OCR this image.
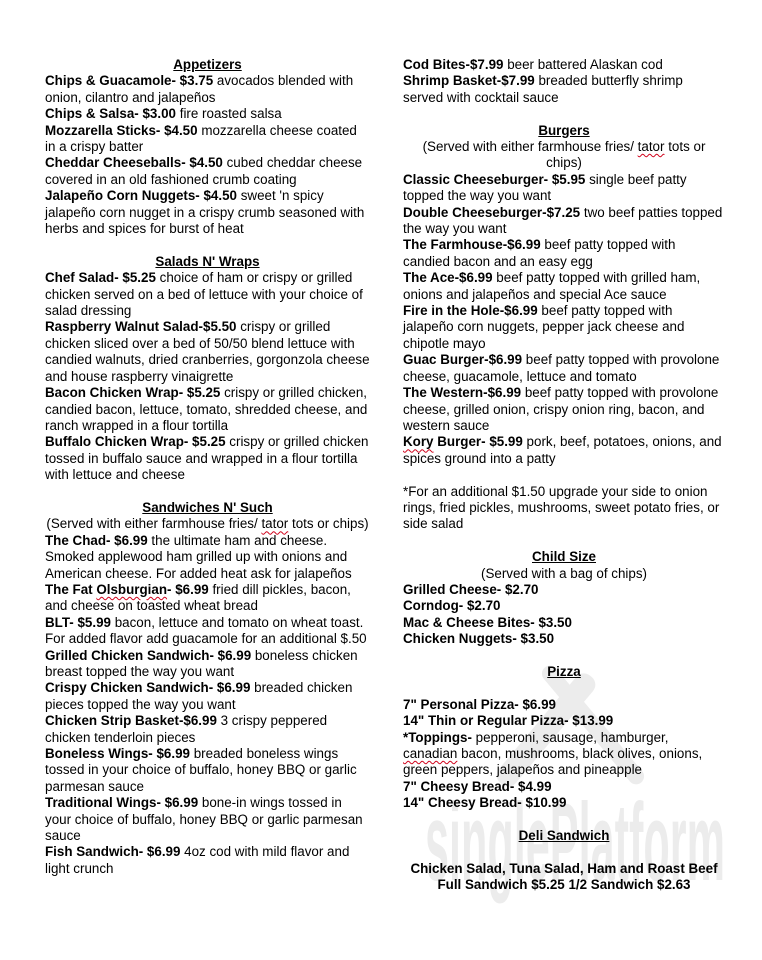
Appetizers
Chips & Guacamole- $3.75 avocados blended with onion, cilantro and jalapeños
Chips & Salsa- $3.00 fire roasted salsa
Mozzarella Sticks- $4.50 mozzarella cheese coated in a crispy batter
Cheddar Cheeseballs- $4.50 cubed cheddar cheese covered in an old fashioned crumb coating
Jalapeño Corn Nuggets- $4.50 sweet 'n spicy jalapeño corn nugget in a crispy crumb seasoned with herbs and spices for burst of heat
Salads N' Wraps
Chef Salad- $5.25 choice of ham or crispy or grilled chicken served on a bed of lettuce with your choice of salad dressing
Raspberry Walnut Salad-$5.50 crispy or grilled chicken sliced over a bed of 50/50 blend lettuce with candied walnuts, dried cranberries, gorgonzola cheese and house raspberry vinaigrette
Bacon Chicken Wrap- $5.25 crispy or grilled chicken, candied bacon, lettuce, tomato, shredded cheese, and ranch wrapped in a flour tortilla
Buffalo Chicken Wrap- $5.25 crispy or grilled chicken tossed in buffalo sauce and wrapped in a flour tortilla with lettuce and cheese
Sandwiches N' Such
(Served with either farmhouse fries/ tator tots or chips)
The Chad- $6.99 the ultimate ham and cheese. Smoked applewood ham grilled up with onions and American cheese. For added heat ask for jalapeños
The Fat Olsburgian- $6.99 fried dill pickles, bacon, and cheese on toasted wheat bread
BLT- $5.99 bacon, lettuce and tomato on wheat toast. For added flavor add guacamole for an additional $.50
Grilled Chicken Sandwich- $6.99 boneless chicken breast topped the way you want
Crispy Chicken Sandwich- $6.99 breaded chicken pieces topped the way you want
Chicken Strip Basket-$6.99 3 crispy peppered chicken tenderloin pieces
Boneless Wings- $6.99 breaded boneless wings tossed in your choice of buffalo, honey BBQ or garlic parmesan sauce
Traditional Wings- $6.99 bone-in wings tossed in your choice of buffalo, honey BBQ or garlic parmesan sauce
Fish Sandwich- $6.99 4oz cod with mild flavor and light crunch
Cod Bites-$7.99 beer battered Alaskan cod
Shrimp Basket-$7.99 breaded butterfly shrimp served with cocktail sauce
Burgers
(Served with either farmhouse fries/ tator tots or chips)
Classic Cheeseburger- $5.95 single beef patty topped the way you want
Double Cheeseburger-$7.25 two beef patties topped the way you want
The Farmhouse-$6.99 beef patty topped with candied bacon and an easy egg
The Ace-$6.99 beef patty topped with grilled ham, onions and jalapeños and special Ace sauce
Fire in the Hole-$6.99 beef patty topped with jalapeño corn nuggets, pepper jack cheese and chipotle mayo
Guac Burger-$6.99 beef patty topped with provolone cheese, guacamole, lettuce and tomato
The Western-$6.99 beef patty topped with provolone cheese, grilled onion, crispy onion ring, bacon, and western sauce
Kory Burger- $5.99 pork, beef, potatoes, onions, and spices ground into a patty
*For an additional $1.50 upgrade your side to onion rings, fried pickles, mushrooms, sweet potato fries, or side salad
Child Size
(Served with a bag of chips)
Grilled Cheese- $2.70
Corndog- $2.70
Mac & Cheese Bites- $3.50
Chicken Nuggets- $3.50
Pizza
7" Personal Pizza- $6.99
14" Thin or Regular Pizza- $13.99
*Toppings- pepperoni, sausage, hamburger, canadian bacon, mushrooms, black olives, onions, green peppers, jalapeños and pineapple
7" Cheesy Bread- $4.99
14" Cheesy Bread- $10.99
Deli Sandwich
Chicken Salad, Tuna Salad, Ham and Roast Beef
Full Sandwich $5.25 1/2 Sandwich $2.63
singlePlatform
